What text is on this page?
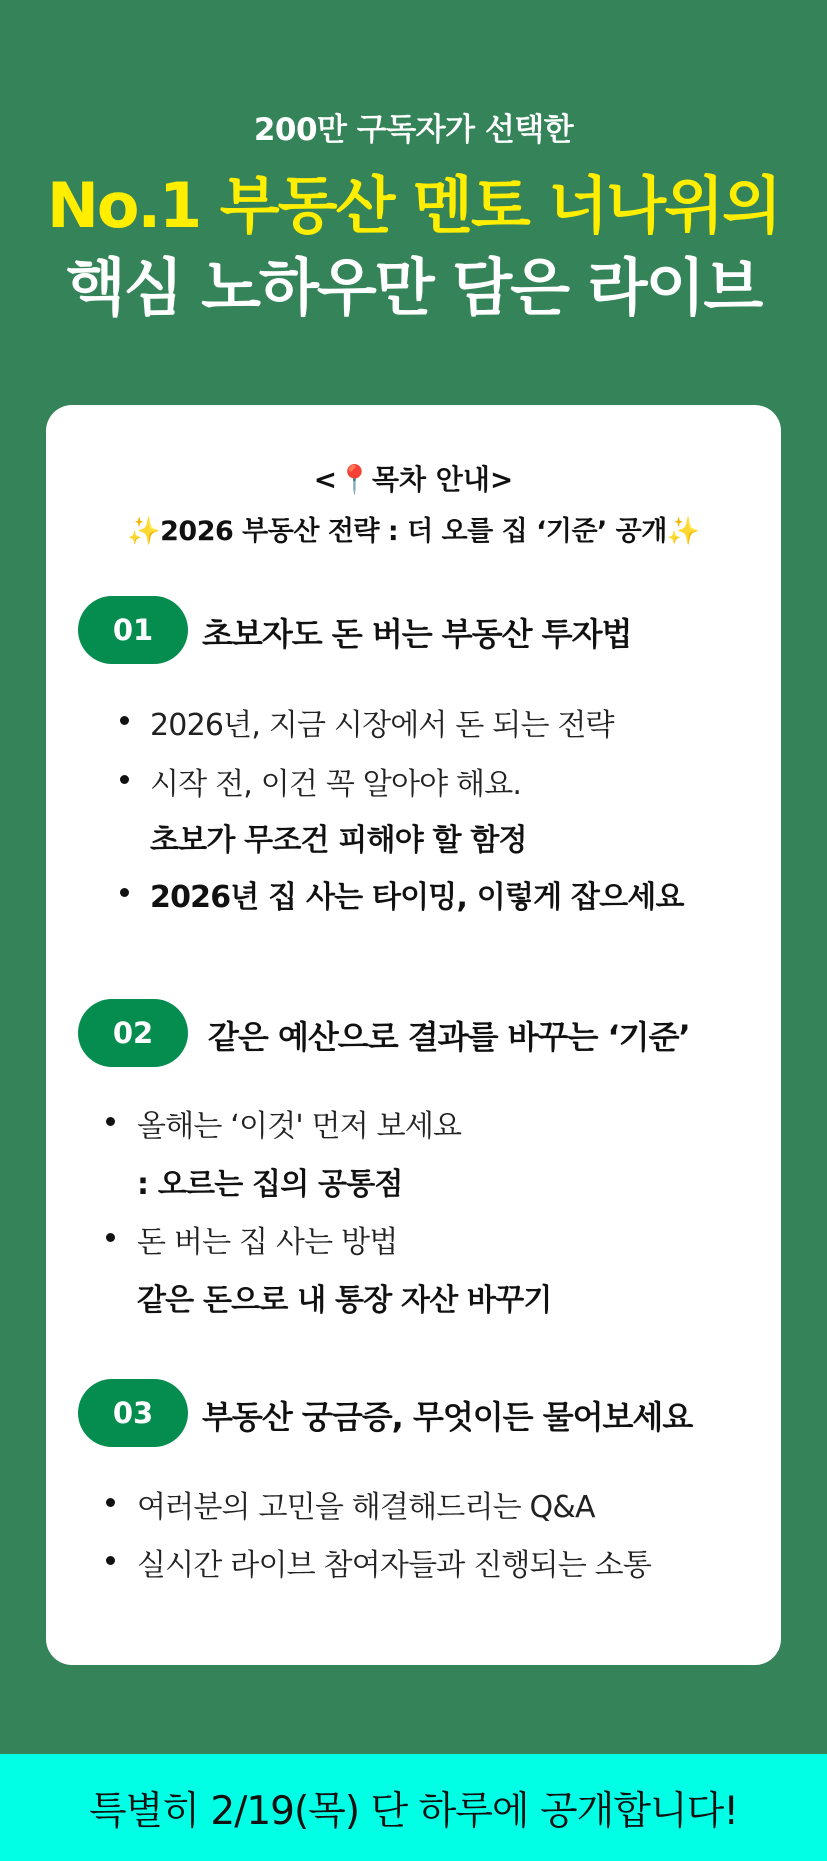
200만 구독자가 선택한
No.1 부동산 멘토 너나위의
핵심 노하우만 담은 라이브
<📍목차 안내>
✨2026 부동산 전략 : 더 오를 집 ‘기준’ 공개✨
01	초보자도 돈 버는 부동산 투자법
2026년, 지금 시장에서 돈 되는 전략
시작 전, 이건 꼭 알아야 해요.
초보가 무조건 피해야 할 함정
2026년 집 사는 타이밍, 이렇게 잡으세요
02	같은 예산으로 결과를 바꾸는 ‘기준’
올해는 ‘이것' 먼저 보세요
: 오르는 집의 공통점
돈 버는 집 사는 방법
같은 돈으로 내 통장 자산 바꾸기
03	부동산 궁금증, 무엇이든 물어보세요
여러분의 고민을 해결해드리는 Q&A
실시간 라이브 참여자들과 진행되는 소통
특별히 2/19(목) 단 하루에 공개합니다!
